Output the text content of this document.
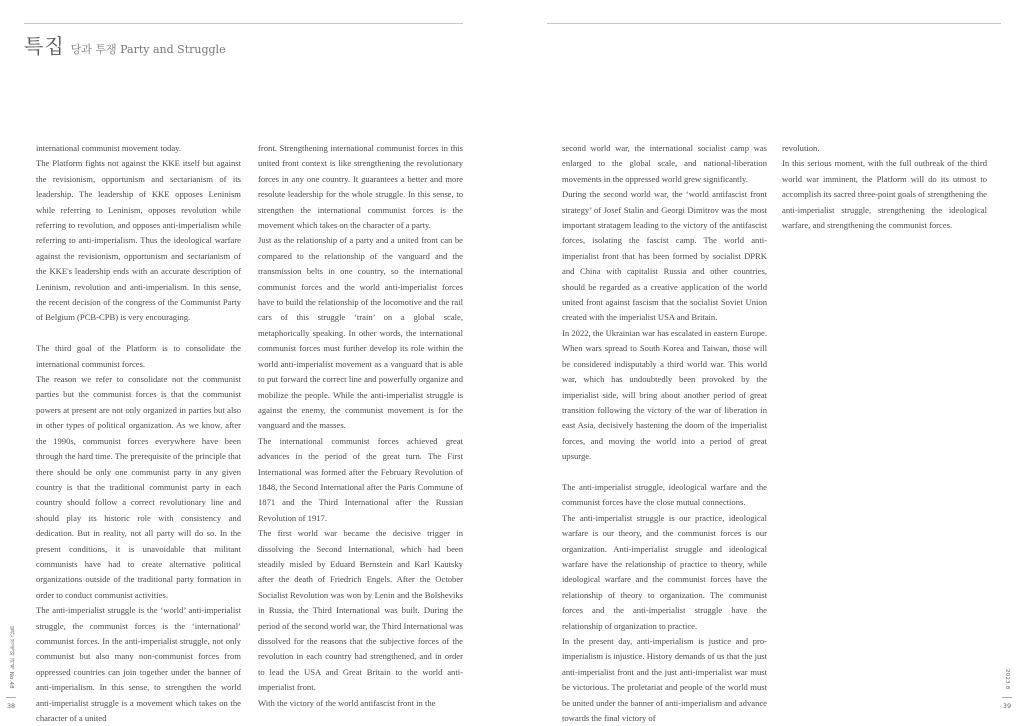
특집 당과 투쟁 Party and Struggle

international communist movement today.

The Platform fights not against the KKE itself but against the revisionism, opportunism and sectarianism of its leadership. The leadership of KKE opposes Leninism while referring to Leninism, opposes revolution while referring to revolution, and opposes anti-imperialism while referring to anti-imperialism. Thus the ideological warfare against the revisionism, opportunism and sectarianism of the KKE's leadership ends with an accurate description of Leninism, revolution and anti-imperialism. In this sense, the recent decision of the congress of the Communist Party of Belgium (PCB-CPB) is very encouraging.

The third goal of the Platform is to consolidate the international communist forces.

The reason we refer to consolidate not the communist parties but the communist forces is that the communist powers at present are not only organized in parties but also in other types of political organization. As we know, after the 1990s, communist forces everywhere have been through the hard time. The prerequisite of the principle that there should be only one communist party in any given country is that the traditional communist party in each country should follow a correct revolutionary line and should play its historic role with consistency and dedication. But in reality, not all party will do so. In the present conditions, it is unavoidable that militant communists have had to create alternative political organizations outside of the traditional party formation in order to conduct communist activities.

The anti-imperialist struggle is the ‘world’ anti-imperialist struggle, the communist forces is the ‘international’ communist forces. In the anti-imperialist struggle, not only communist but also many non-communist forces from oppressed countries can join together under the banner of anti-imperialism. In this sense, to strengthen the world anti-imperialist struggle is a movement which takes on the character of a united

front. Strengthening international communist forces in this united front context is like strengthening the revolutionary forces in any one country. It guarantees a better and more resolute leadership for the whole struggle. In this sense, to strengthen the international communist forces is the movement which takes on the character of a party.

Just as the relationship of a party and a united front can be compared to the relationship of the vanguard and the transmission belts in one country, so the international communist forces and the world anti-imperialist forces have to build the relationship of the locomotive and the rail cars of this struggle ‘train’ on a global scale, metaphorically speaking. In other words, the international communist forces must further develop its role within the world anti-imperialist movement as a vanguard that is able to put forward the correct line and powerfully organize and mobilize the people. While the anti-imperialist struggle is against the enemy, the communist movement is for the vanguard and the masses.

The international communist forces achieved great advances in the period of the great turn. The First International was formed after the February Revolution of 1848, the Second International after the Paris Commune of 1871 and the Third International after the Russian Revolution of 1917.

The first world war became the decisive trigger in dissolving the Second International, which had been steadily misled by Eduard Bernstein and Karl Kautsky after the death of Friedrich Engels. After the October Socialist Revolution was won by Lenin and the Bolsheviks in Russia, the Third International was built. During the period of the second world war, the Third International was dissolved for the reasons that the subjective forces of the revolution in each country had strengthened, and in order to lead the USA and Great Britain to the world anti-imperialist front.

With the victory of the world antifascist front in the

second world war, the international socialist camp was enlarged to the global scale, and national-liberation movements in the oppressed world grew significantly.

During the second world war, the ‘world antifascist front strategy’ of Josef Stalin and Georgi Dimitrov was the most important stratagem leading to the victory of the antifascist forces, isolating the fascist camp. The world anti-imperialist front that has been formed by socialist DPRK and China with capitalist Russia and other countries, should be regarded as a creative application of the world united front against fascism that the socialist Soviet Union created with the imperialist USA and Britain.

In 2022, the Ukrainian war has escalated in eastern Europe. When wars spread to South Korea and Taiwan, those will be considered indisputably a third world war. This world war, which has undoubtedly been provoked by the imperialist side, will bring about another period of great transition following the victory of the war of liberation in east Asia, decisively hastening the doom of the imperialist forces, and moving the world into a period of great upsurge.

The anti-imperialist struggle, ideological warfare and the communist forces have the close mutual connections.

The anti-imperialist struggle is our practice, ideological warfare is our theory, and the communist forces is our organization. Anti-imperialist struggle and ideological warfare have the relationship of practice to theory, while ideological warfare and the communist forces have the relationship of theory to organization. The communist forces and the anti-imperialist struggle have the relationship of organization to practice.

In the present day, anti-imperialism is justice and pro-imperialism is injustice. History demands of us that the just anti-imperialist front and the just anti-imperialist war must be victorious. The proletariat and people of the world must be united under the banner of anti-imperialism and advance towards the final victory of

revolution.

In this serious moment, with the full outbreak of the third world war imminent, the Platform will do its utmost to accomplish its sacred three-point goals of strengthening the anti-imperialist struggle, strengthening the ideological warfare, and strengthening the communist forces.

월간 정세와 과제 No.48
38
2023.8
39
